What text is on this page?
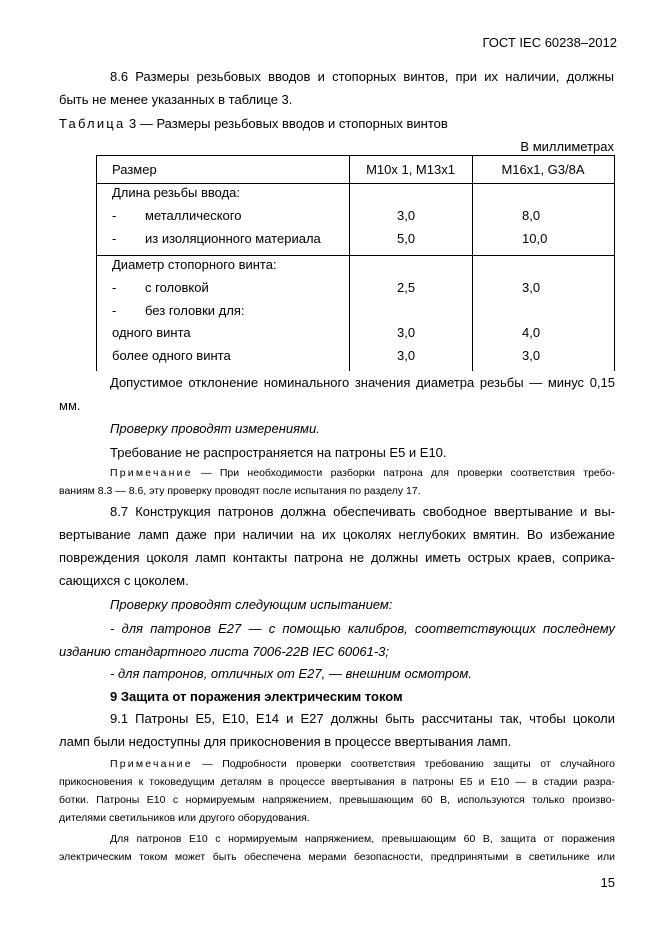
ГОСТ IEC 60238–2012
8.6 Размеры резьбовых вводов и стопорных винтов, при их наличии, должны
быть не менее указанных в таблице 3.
Таблица 3 — Размеры резьбовых вводов и стопорных винтов
В миллиметрах
Размер	M10x 1, M13x1	M16x1, G3/8A
Длина резьбы ввода:
- металлического	3,0	8,0
- из изоляционного материала	5,0	10,0
Диаметр стопорного винта:
- с головкой	2,5	3,0
- без головки для:
одного винта	3,0	4,0
более одного винта	3,0	3,0
Допустимое отклонение номинального значения диаметра резьбы — минус 0,15
мм.
Проверку проводят измерениями.
Требование не распространяется на патроны Е5 и Е10.
Примечание — При необходимости разборки патрона для проверки соответствия требо-
ваниям 8.3 — 8.6, эту проверку проводят после испытания по разделу 17.
8.7 Конструкция патронов должна обеспечивать свободное ввертывание и вы-
вертывание ламп даже при наличии на их цоколях неглубоких вмятин. Во избежание
повреждения цоколя ламп контакты патрона не должны иметь острых краев, соприка-
сающихся с цоколем.
Проверку проводят следующим испытанием:
- для патронов Е27 — с помощью калибров, соответствующих последнему
изданию стандартного листа 7006-22В IEC 60061-3;
- для патронов, отличных от Е27, — внешним осмотром.
9 Защита от поражения электрическим током
9.1 Патроны Е5, Е10, Е14 и Е27 должны быть рассчитаны так, чтобы цоколи
ламп были недоступны для прикосновения в процессе ввертывания ламп.
Примечание — Подробности проверки соответствия требованию защиты от случайного
прикосновения к токоведущим деталям в процессе ввертывания в патроны Е5 и Е10 — в стадии разра-
ботки. Патроны Е10 с нормируемым напряжением, превышающим 60 В, используются только произво-
дителями светильников или другого оборудования.
Для патронов Е10 с нормируемым напряжением, превышающим 60 В, защита от поражения
электрическим током может быть обеспечена мерами безопасности, предпринятыми в светильнике или
15
